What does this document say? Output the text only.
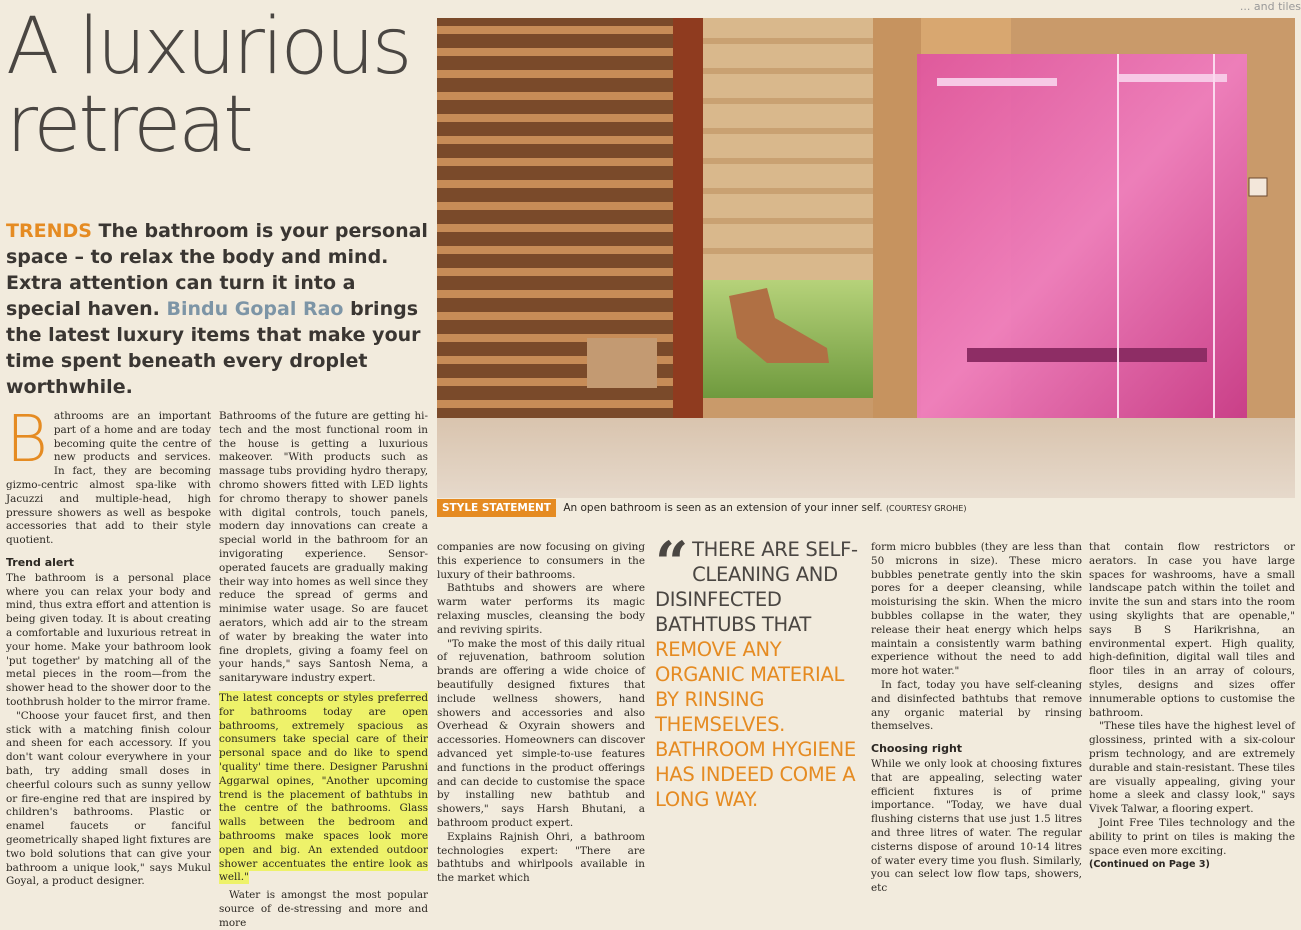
... and tiles
A luxurious
retreat
TRENDS The bathroom is your personal space – to relax the body and mind. Extra attention can turn it into a special haven. Bindu Gopal Rao brings the latest luxury items that make your time spent beneath every droplet worthwhile.
STYLE STATEMENT An open bathroom is seen as an extension of your inner self. (COURTESY GROHE)
B athrooms are an important part of a home and are today becoming quite the centre of new products and services. In fact, they are becoming gizmo-centric almost spa-like with Jacuzzi and multiple-head, high pressure showers as well as bespoke accessories that add to their style quotient.

Trend alert

The bathroom is a personal place where you can relax your body and mind, thus extra effort and attention is being given today. It is about creating a comfortable and luxurious retreat in your home. Make your bathroom look 'put together' by matching all of the metal pieces in the room—from the shower head to the shower door to the toothbrush holder to the mirror frame.

"Choose your faucet first, and then stick with a matching finish colour and sheen for each accessory. If you don't want colour everywhere in your bath, try adding small doses in cheerful colours such as sunny yellow or fire-engine red that are inspired by children's bathrooms. Plastic or enamel faucets or fanciful geometrically shaped light fixtures are two bold solutions that can give your bathroom a unique look," says Mukul Goyal, a product designer.

Bathrooms of the future are getting hi-tech and the most functional room in the house is getting a luxurious makeover. "With products such as massage tubs providing hydro therapy, chromo showers fitted with LED lights for chromo therapy to shower panels with digital controls, touch panels, modern day innovations can create a special world in the bathroom for an invigorating experience. Sensor-operated faucets are gradually making their way into homes as well since they reduce the spread of germs and minimise water usage. So are faucet aerators, which add air to the stream of water by breaking the water into fine droplets, giving a foamy feel on your hands," says Santosh Nema, a sanitaryware industry expert.

The latest concepts or styles preferred for bathrooms today are open bathrooms, extremely spacious as consumers take special care of their personal space and do like to spend 'quality' time there. Designer Parushni Aggarwal opines, "Another upcoming trend is the placement of bathtubs in the centre of the bathrooms. Glass walls between the bedroom and bathrooms make spaces look more open and big. An extended outdoor shower accentuates the entire look as well."

Water is amongst the most popular source of de-stressing and more and more

companies are now focusing on giving this experience to consumers in the luxury of their bathrooms.

Bathtubs and showers are where warm water performs its magic relaxing muscles, cleansing the body and reviving spirits.

"To make the most of this daily ritual of rejuvenation, bathroom solution brands are offering a wide choice of beautifully designed fixtures that include wellness showers, hand showers and accessories and also Overhead & Oxyrain showers and accessories. Homeowners can discover advanced yet simple-to-use features and functions in the product offerings and can decide to customise the space by installing new bathtub and showers," says Harsh Bhutani, a bathroom product expert.

Explains Rajnish Ohri, a bathroom technologies expert: "There are bathtubs and whirlpools available in the market which

“ THERE ARE SELF-CLEANING AND DISINFECTED BATHTUBS THAT REMOVE ANY ORGANIC MATERIAL BY RINSING THEMSELVES. BATHROOM HYGIENE HAS INDEED COME A LONG WAY.

form micro bubbles (they are less than 50 microns in size). These micro bubbles penetrate gently into the skin pores for a deeper cleansing, while moisturising the skin. When the micro bubbles collapse in the water, they release their heat energy which helps maintain a consistently warm bathing experience without the need to add more hot water."

In fact, today you have self-cleaning and disinfected bathtubs that remove any organic material by rinsing themselves.

Choosing right

While we only look at choosing fixtures that are appealing, selecting water efficient fixtures is of prime importance. "Today, we have dual flushing cisterns that use just 1.5 litres and three litres of water. The regular cisterns dispose of around 10-14 litres of water every time you flush. Similarly, you can select low flow taps, showers, etc

that contain flow restrictors or aerators. In case you have large spaces for washrooms, have a small landscape patch within the toilet and invite the sun and stars into the room using skylights that are openable," says B S Harikrishna, an environmental expert. High quality, high-definition, digital wall tiles and floor tiles in an array of colours, styles, designs and sizes offer innumerable options to customise the bathroom.

"These tiles have the highest level of glossiness, printed with a six-colour prism technology, and are extremely durable and stain-resistant. These tiles are visually appealing, giving your home a sleek and classy look," says Vivek Talwar, a flooring expert.

Joint Free Tiles technology and the ability to print on tiles is making the space even more exciting.

(Continued on Page 3)
